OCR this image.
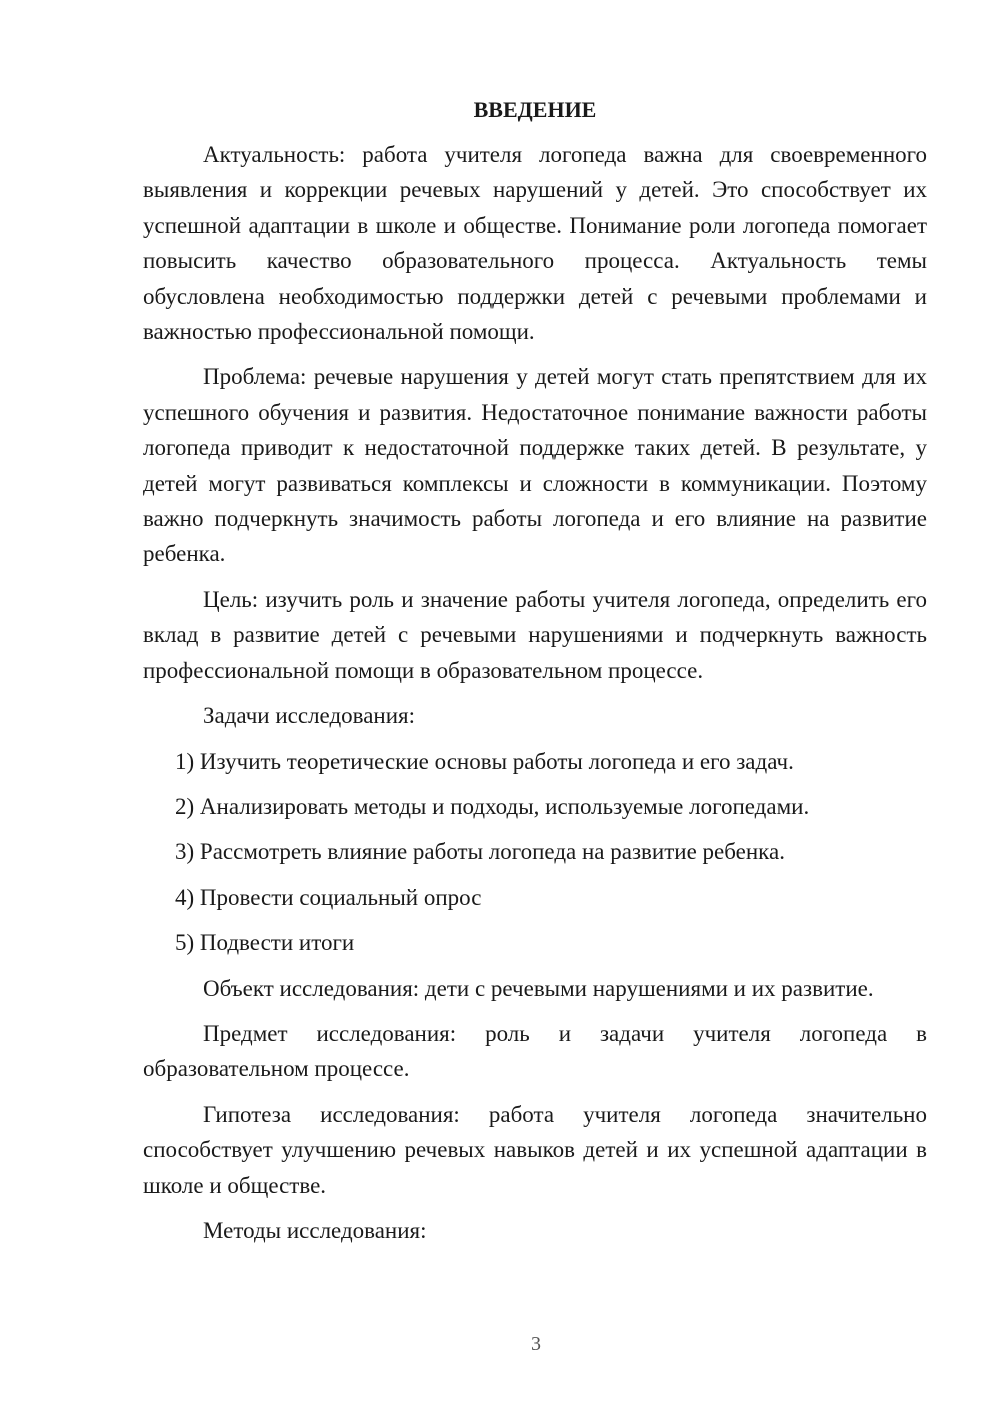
ВВЕДЕНИЕ

Актуальность: работа учителя логопеда важна для своевременного выявления и коррекции речевых нарушений у детей. Это способствует их успешной адаптации в школе и обществе. Понимание роли логопеда помогает повысить качество образовательного процесса. Актуальность темы обусловлена необходимостью поддержки детей с речевыми проблемами и важностью профессиональной помощи.

Проблема: речевые нарушения у детей могут стать препятствием для их успешного обучения и развития. Недостаточное понимание важности работы логопеда приводит к недостаточной поддержке таких детей. В результате, у детей могут развиваться комплексы и сложности в коммуникации. Поэтому важно подчеркнуть значимость работы логопеда и его влияние на развитие ребенка.

Цель: изучить роль и значение работы учителя логопеда, определить его вклад в развитие детей с речевыми нарушениями и подчеркнуть важность профессиональной помощи в образовательном процессе.

Задачи исследования:

1) Изучить теоретические основы работы логопеда и его задач.
2) Анализировать методы и подходы, используемые логопедами.
3) Рассмотреть влияние работы логопеда на развитие ребенка.
4) Провести социальный опрос
5) Подвести итоги

Объект исследования: дети с речевыми нарушениями и их развитие.

Предмет исследования: роль и задачи учителя логопеда в образовательном процессе.

Гипотеза исследования: работа учителя логопеда значительно способствует улучшению речевых навыков детей и их успешной адаптации в школе и обществе.

Методы исследования:

3
